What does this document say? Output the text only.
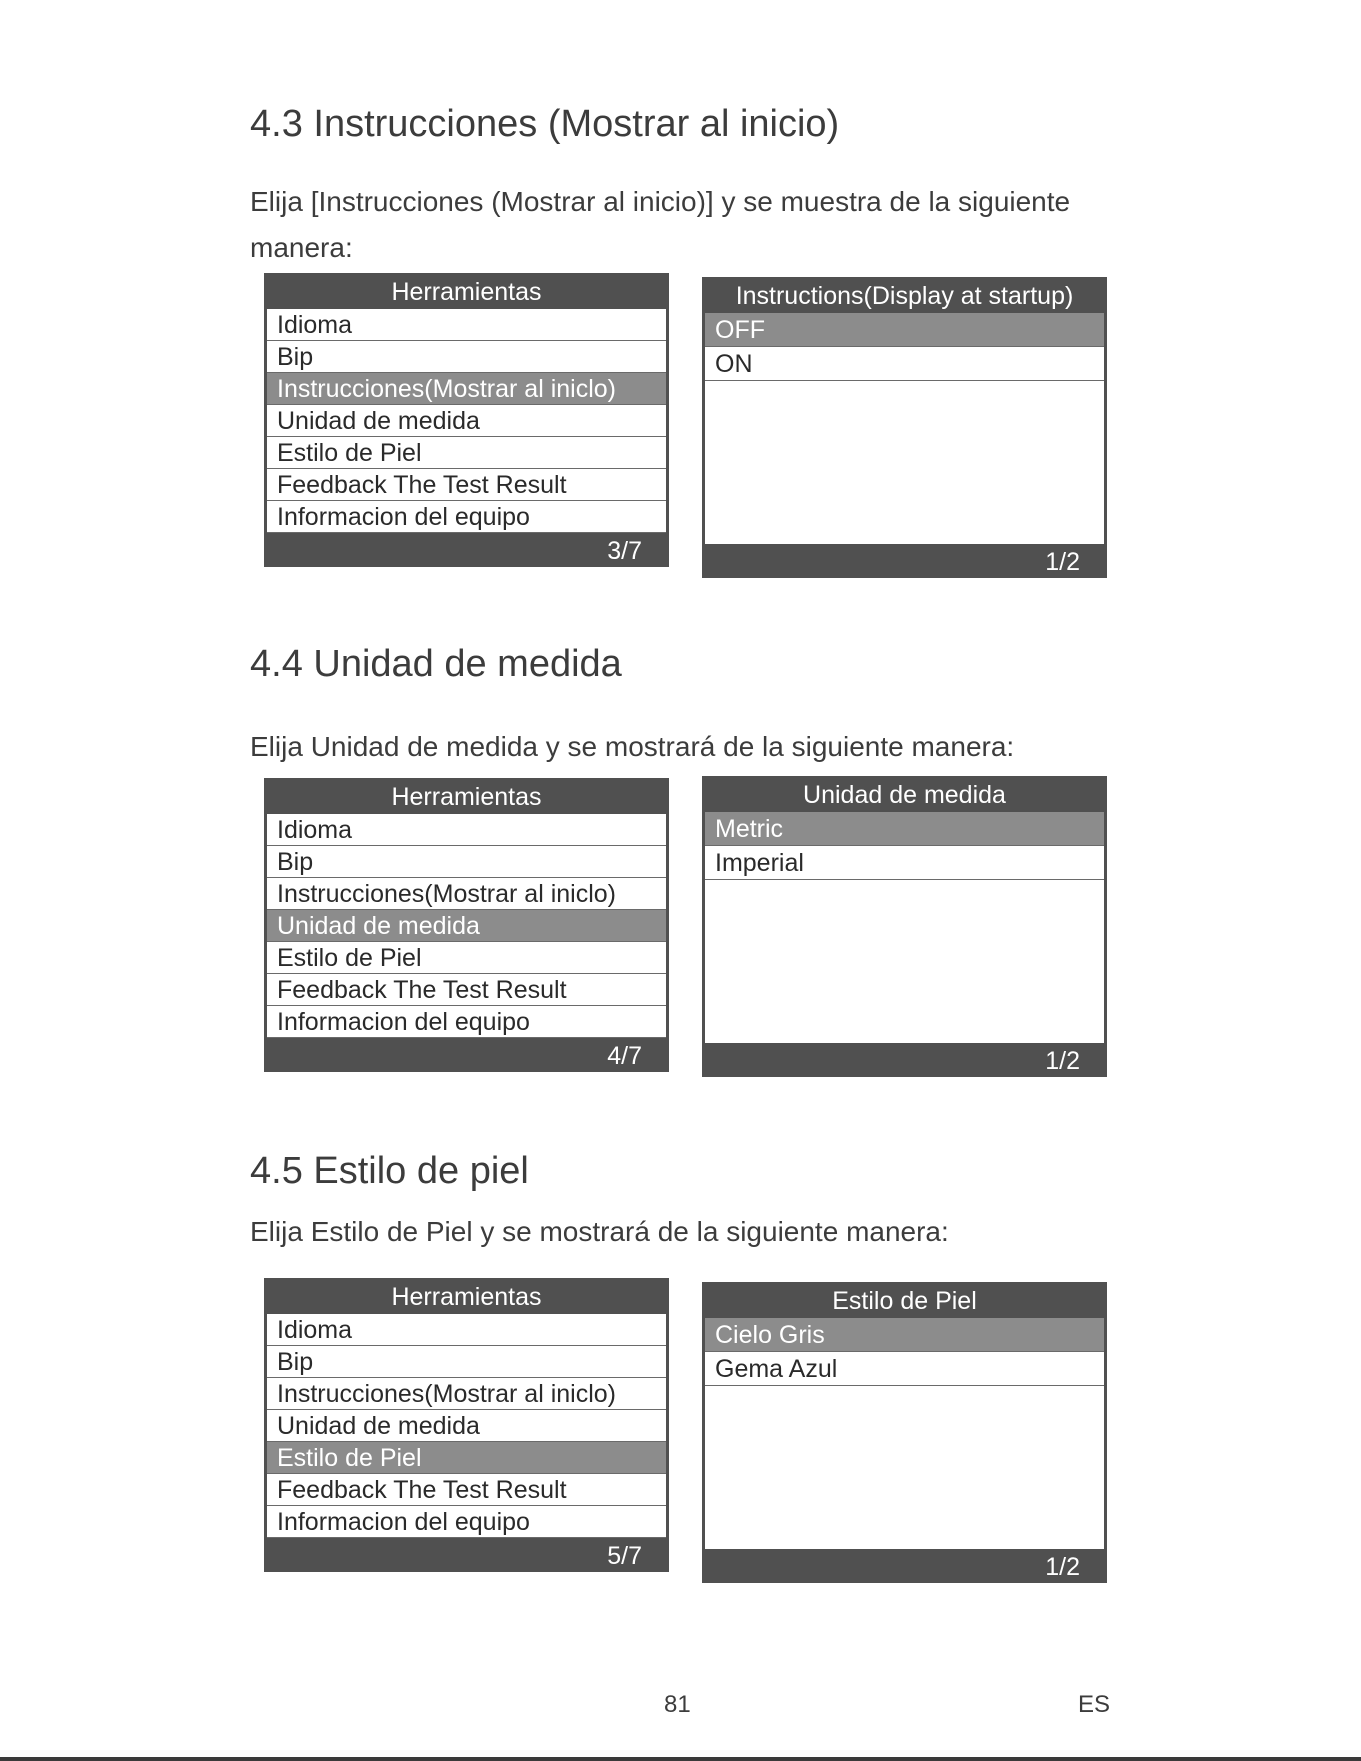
4.3 Instrucciones (Mostrar al inicio)

Elija [Instrucciones (Mostrar al inicio)] y se muestra de la siguiente

manera:

Herramientas
Idioma
Bip
Instrucciones(Mostrar al iniclo)
Unidad de medida
Estilo de Piel
Feedback The Test Result
Informacion del equipo
3/7
Instructions(Display at startup)
OFF
ON
1/2
4.4 Unidad de medida

Elija Unidad de medida y se mostrará de la siguiente manera:

Herramientas
Idioma
Bip
Instrucciones(Mostrar al iniclo)
Unidad de medida
Estilo de Piel
Feedback The Test Result
Informacion del equipo
4/7
Unidad de medida
Metric
Imperial
1/2
4.5 Estilo de piel

Elija Estilo de Piel y se mostrará de la siguiente manera:

Herramientas
Idioma
Bip
Instrucciones(Mostrar al iniclo)
Unidad de medida
Estilo de Piel
Feedback The Test Result
Informacion del equipo
5/7
Estilo de Piel
Cielo Gris
Gema Azul
1/2
81	ES
